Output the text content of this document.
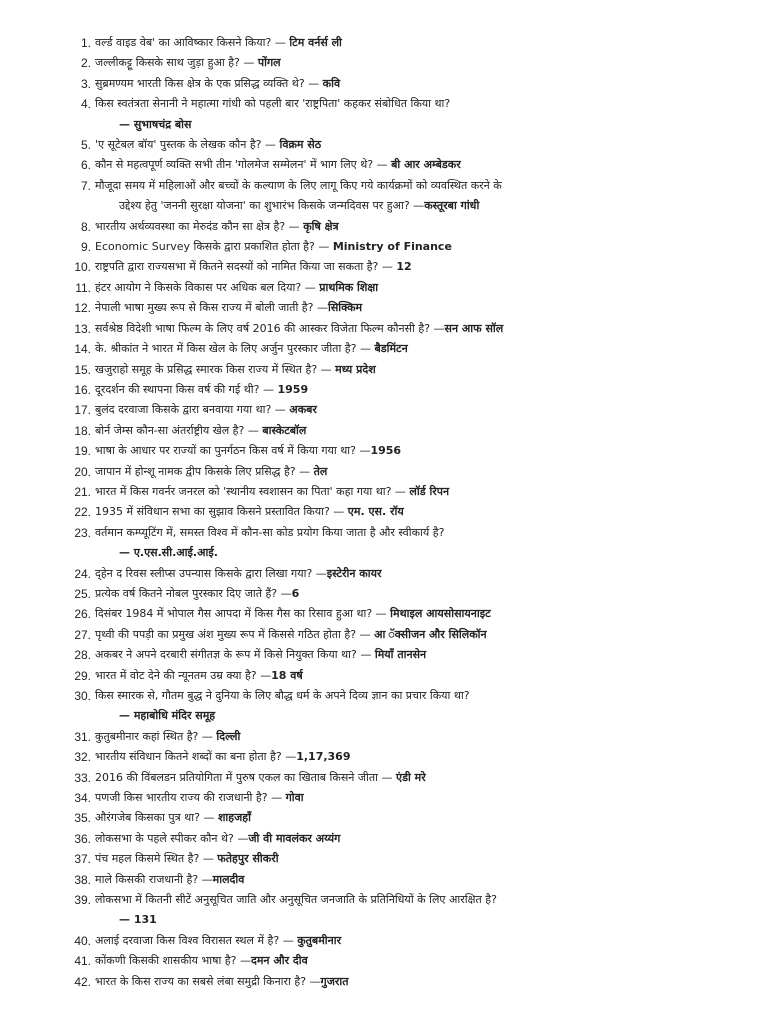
1. वर्ल्ड वाइड वेब' का आविष्कार किसने किया? — टिम वर्नर्स ली
2. जल्लीकट्टू किसके साथ जुड़ा हुआ है? — पोंगल
3. सुब्रमण्यम भारती किस क्षेत्र के एक प्रसिद्ध व्यक्ति थे? — कवि
4. किस स्वतंत्रता सेनानी ने महात्मा गांधी को पहली बार 'राष्ट्रपिता' कहकर संबोधित किया था?
— सुभाषचंद्र बोस
5. 'ए सूटेबल बॉय' पुस्तक के लेखक कौन है? — विक्रम सेठ
6. कौन से महत्वपूर्ण व्यक्ति सभी तीन 'गोलमेज सम्मेलन' में भाग लिए थे? — बी आर अम्बेडकर
7. मौजूदा समय में महिलाओं और बच्चों के कल्याण के लिए लागू किए गये कार्यक्रमों को व्यवस्थित करने के
उद्देश्य हेतु 'जननी सुरक्षा योजना' का शुभारंभ किसके जन्मदिवस पर हुआ? —कस्तूरबा गांधी
8. भारतीय अर्थव्यवस्था का मेरुदंड कौन सा क्षेत्र है? — कृषि क्षेत्र
9. Economic Survey किसके द्वारा प्रकाशित होता है? — Ministry of Finance
10. राष्ट्रपति द्वारा राज्यसभा में कितने सदस्यों को नामित किया जा सकता है? — 12
11. हंटर आयोग ने किसके विकास पर अधिक बल दिया? — प्राथमिक शिक्षा
12. नेपाली भाषा मुख्य रूप से किस राज्य में बोली जाती है? —सिक्किम
13. सर्वश्रेष्ठ विदेशी भाषा फिल्म के लिए वर्ष 2016 की आस्कर विजेता फिल्म कौनसी है? —सन आफ सॉल
14. के. श्रीकांत ने भारत में किस खेल के लिए अर्जुन पुरस्कार जीता है? — बैडमिंटन
15. खजुराहो समूह के प्रसिद्ध स्मारक किस राज्य में स्थित है? — मध्य प्रदेश
16. दूरदर्शन की स्थापना किस वर्ष की गई थी? — 1959
17. बुलंद दरवाजा किसके द्वारा बनवाया गया था? — अकबर
18. बोर्न जेम्स कौन-सा अंतर्राष्ट्रीय खेल है? — बास्केटबॉल
19. भाषा के आधार पर राज्यों का पुनर्गठन किस वर्ष में किया गया था? —1956
20. जापान में होन्शू नामक द्वीप किसके लिए प्रसिद्ध है? — तेल
21. भारत में किस गवर्नर जनरल को 'स्थानीय स्वशासन का पिता' कहा गया था? — लॉर्ड रिपन
22. 1935 में संविधान सभा का सुझाव किसने प्रस्तावित किया? — एम. एस. रॉय
23. वर्तमान कम्प्यूटिंग में, समस्त विश्व में कौन-सा कोड प्रयोग किया जाता है और स्वीकार्य है?
— ए.एस.सी.आई.आई.
24. द्हेन द रिवस स्लीप्स उपन्यास किसके द्वारा लिखा गया? —इस्टेरीन कायर
25. प्रत्येक वर्ष कितने नोबल पुरस्कार दिए जाते हैं? —6
26. दिसंबर 1984 में भोपाल गैस आपदा में किस गैस का रिसाव हुआ था? — मिथाइल आयसोसायनाइट
27. पृथ्वी की पपड़ी का प्रमुख अंश मुख्य रूप में किससे गठित होता है? — आ ॅक्सीजन और सिलिकॉन
28. अकबर ने अपने दरबारी संगीतज्ञ के रूप में किसे नियुक्त किया था? — मियाँ तानसेन
29. भारत में वोट देने की न्यूनतम उम्र क्या है? —18 वर्ष
30. किस स्मारक से, गौतम बुद्ध ने दुनिया के लिए बौद्ध धर्म के अपने दिव्य ज्ञान का प्रचार किया था?
— महाबोधि मंदिर समूह
31. कुतुबमीनार कहां स्थित है? — दिल्ली
32. भारतीय संविधान कितने शब्दों का बना होता है? —1,17,369
33. 2016 की विंबलडन प्रतियोगिता में पुरुष एकल का खिताब किसने जीता — एंडी मरे
34. पणजी किस भारतीय राज्य की राजधानी है? — गोवा
35. औरंगजेब किसका पुत्र था? — शाहजहाँ
36. लोकसभा के पहले स्पीकर कौन थे? —जी वी मावलंकर अय्यंग
37. पंच महल किसमे स्थित है? — फतेहपुर सीकरी
38. माले किसकी राजधानी है? —मालदीव
39. लोकसभा में कितनी सीटें अनुसूचित जाति और अनुसूचित जनजाति के प्रतिनिधियों के लिए आरक्षित है?
— 131
40. अलाई दरवाजा किस विश्व विरासत स्थल में है? — कुतुबमीनार
41. कोंकणी किसकी शासकीय भाषा है? —दमन और दीव
42. भारत के किस राज्य का सबसे लंबा समुद्री किनारा है? —गुजरात
